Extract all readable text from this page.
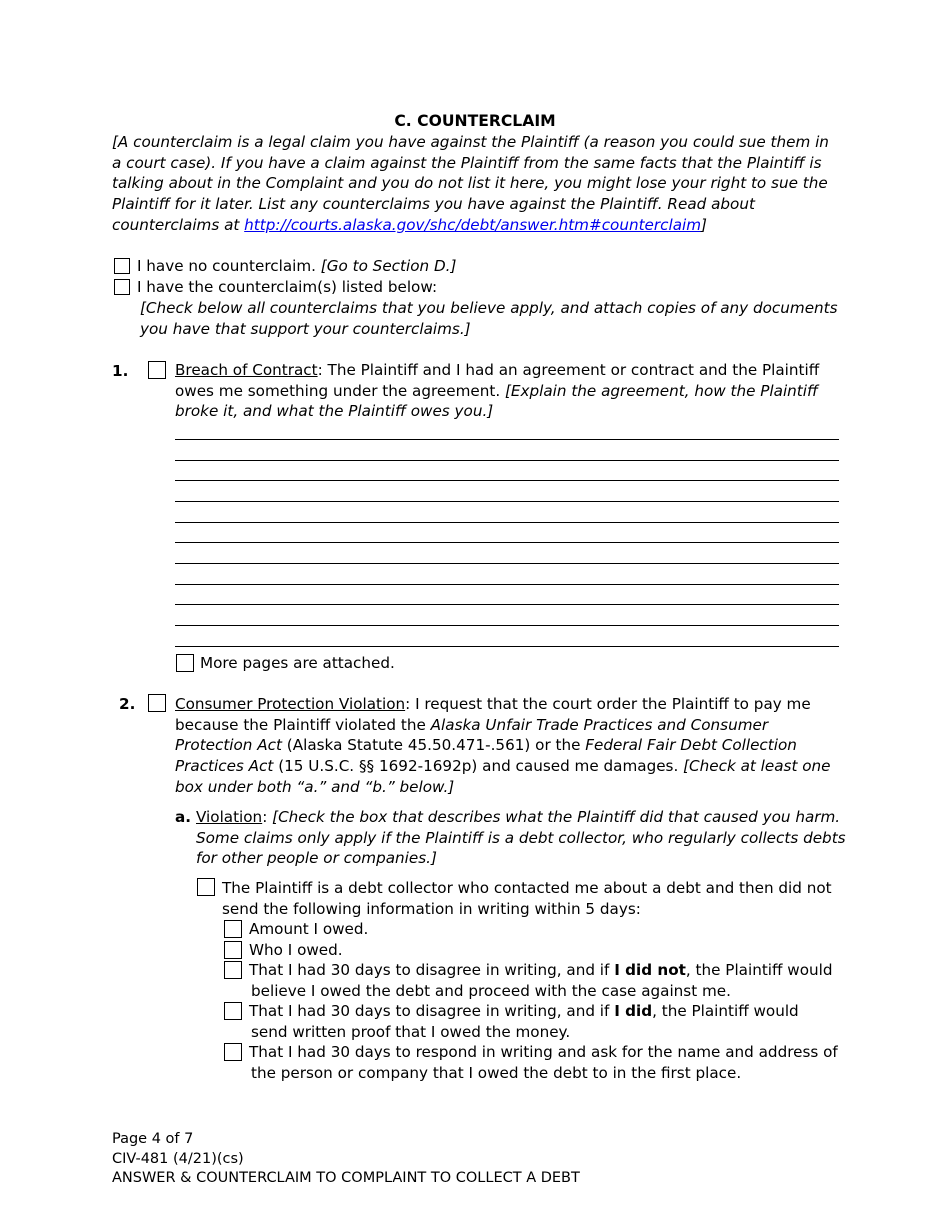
C. COUNTERCLAIM
[A counterclaim is a legal claim you have against the Plaintiff (a reason you could sue them in
a court case). If you have a claim against the Plaintiff from the same facts that the Plaintiff is
talking about in the Complaint and you do not list it here, you might lose your right to sue the
Plaintiff for it later. List any counterclaims you have against the Plaintiff. Read about
counterclaims at http://courts.alaska.gov/shc/debt/answer.htm#counterclaim]
I have no counterclaim. [Go to Section D.]
I have the counterclaim(s) listed below:
[Check below all counterclaims that you believe apply, and attach copies of any documents
you have that support your counterclaims.]
1.	Breach of Contract: The Plaintiff and I had an agreement or contract and the Plaintiff
owes me something under the agreement. [Explain the agreement, how the Plaintiff
broke it, and what the Plaintiff owes you.]
More pages are attached.
2.	Consumer Protection Violation: I request that the court order the Plaintiff to pay me
because the Plaintiff violated the Alaska Unfair Trade Practices and Consumer
Protection Act (Alaska Statute 45.50.471-.561) or the Federal Fair Debt Collection
Practices Act (15 U.S.C. §§ 1692-1692p) and caused me damages. [Check at least one
box under both “a.” and “b.” below.]
a. Violation: [Check the box that describes what the Plaintiff did that caused you harm.
Some claims only apply if the Plaintiff is a debt collector, who regularly collects debts
for other people or companies.]
The Plaintiff is a debt collector who contacted me about a debt and then did not
send the following information in writing within 5 days:
Amount I owed.
Who I owed.
That I had 30 days to disagree in writing, and if I did not, the Plaintiff would
believe I owed the debt and proceed with the case against me.
That I had 30 days to disagree in writing, and if I did, the Plaintiff would
send written proof that I owed the money.
That I had 30 days to respond in writing and ask for the name and address of
the person or company that I owed the debt to in the first place.
Page 4 of 7
CIV-481 (4/21)(cs)
ANSWER & COUNTERCLAIM TO COMPLAINT TO COLLECT A DEBT
